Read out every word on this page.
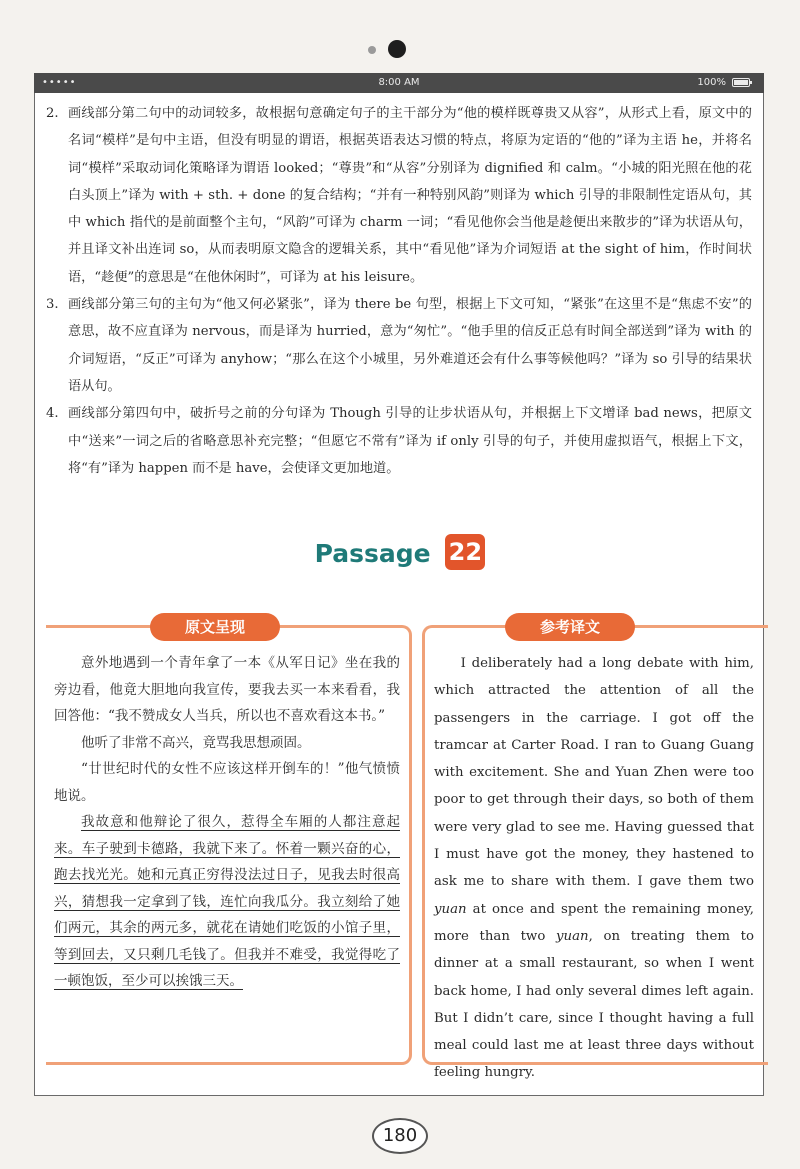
•••••	8:00 AM	100%
2. 画线部分第二句中的动词较多，故根据句意确定句子的主干部分为“他的模样既尊贵又从容”，从形式上看，原文中的名词“模样”是句中主语，但没有明显的谓语，根据英语表达习惯的特点，将原为定语的“他的”译为主语 he，并将名词“模样”采取动词化策略译为谓语 looked；“尊贵”和“从容”分别译为 dignified 和 calm。“小城的阳光照在他的花白头顶上”译为 with + sth. + done 的复合结构；“并有一种特别风韵”则译为 which 引导的非限制性定语从句，其中 which 指代的是前面整个主句，“风韵”可译为 charm 一词；“看见他你会当他是趁便出来散步的”译为状语从句，并且译文补出连词 so，从而表明原文隐含的逻辑关系，其中“看见他”译为介词短语 at the sight of him，作时间状语，“趁便”的意思是“在他休闲时”，可译为 at his leisure。
3. 画线部分第三句的主句为“他又何必紧张”，译为 there be 句型，根据上下文可知，“紧张”在这里不是“焦虑不安”的意思，故不应直译为 nervous，而是译为 hurried，意为“匆忙”。“他手里的信反正总有时间全部送到”译为 with 的介词短语，“反正”可译为 anyhow；“那么在这个小城里，另外难道还会有什么事等候他吗？”译为 so 引导的结果状语从句。
4. 画线部分第四句中，破折号之前的分句译为 Though 引导的让步状语从句，并根据上下文增译 bad news，把原文中“送来”一词之后的省略意思补充完整；“但愿它不常有”译为 if only 引导的句子，并使用虚拟语气，根据上下文，将“有”译为 happen 而不是 have，会使译文更加地道。
Passage 22
原文呈现	参考译文

意外地遇到一个青年拿了一本《从军日记》坐在我的旁边看，他竟大胆地向我宣传，要我去买一本来看看，我回答他：“我不赞成女人当兵，所以也不喜欢看这本书。”

他听了非常不高兴，竟骂我思想顽固。

“廿世纪时代的女性不应该这样开倒车的！”他气愤愤地说。

我故意和他辩论了很久，惹得全车厢的人都注意起来。车子驶到卡德路，我就下来了。怀着一颗兴奋的心，跑去找光光。她和元真正穷得没法过日子，见我去时很高兴，猜想我一定拿到了钱，连忙向我瓜分。我立刻给了她们两元，其余的两元多，就花在请她们吃饭的小馆子里，等到回去，又只剩几毛钱了。但我并不难受，我觉得吃了一顿饱饭，至少可以挨饿三天。

I deliberately had a long debate with him, which attracted the attention of all the passengers in the carriage. I got off the tramcar at Carter Road. I ran to Guang Guang with excitement. She and Yuan Zhen were too poor to get through their days, so both of them were very glad to see me. Having guessed that I must have got the money, they hastened to ask me to share with them. I gave them two yuan at once and spent the remaining money, more than two yuan, on treating them to dinner at a small restaurant, so when I went back home, I had only several dimes left again. But I didn’t care, since I thought having a full meal could last me at least three days without feeling hungry.

180
